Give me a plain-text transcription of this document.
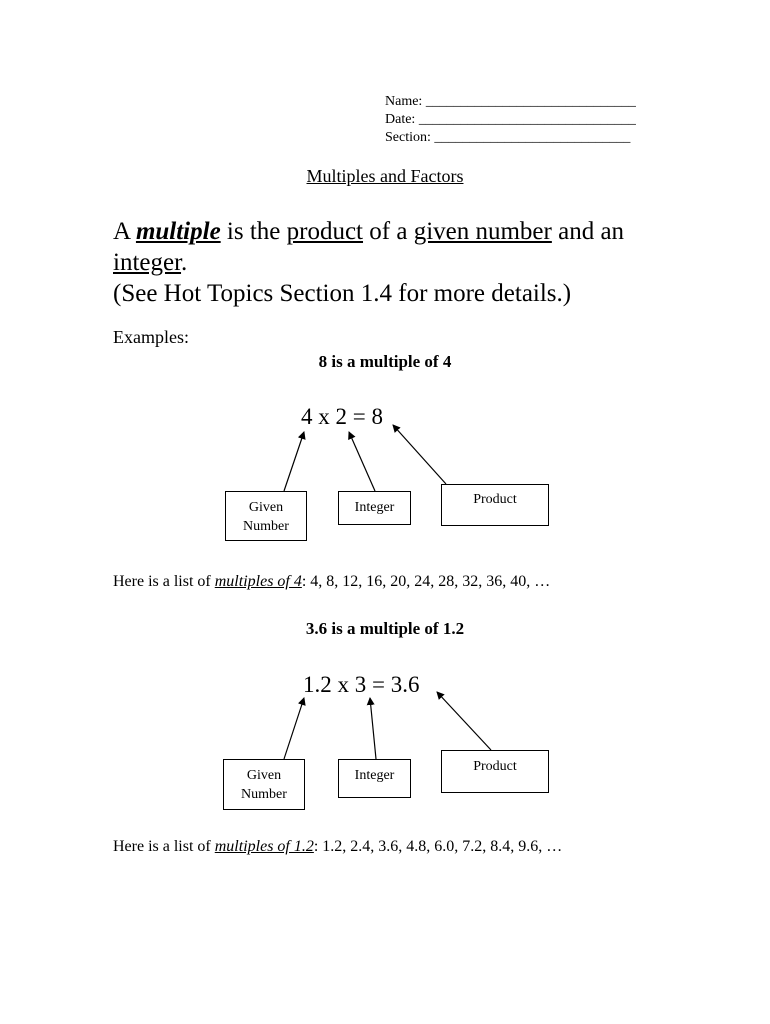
Name: ______________________________
Date: _______________________________
Section: ____________________________
Multiples and Factors
A multiple is the product of a given number and an
integer.
(See Hot Topics Section 1.4 for more details.)
Examples:
8 is a multiple of 4
4 x 2 = 8
Given
Number
Integer
Product
Here is a list of multiples of 4: 4, 8, 12, 16, 20, 24, 28, 32, 36, 40, …
3.6 is a multiple of 1.2
1.2 x 3 = 3.6
Given
Number
Integer
Product
Here is a list of multiples of 1.2: 1.2, 2.4, 3.6, 4.8, 6.0, 7.2, 8.4, 9.6, …
